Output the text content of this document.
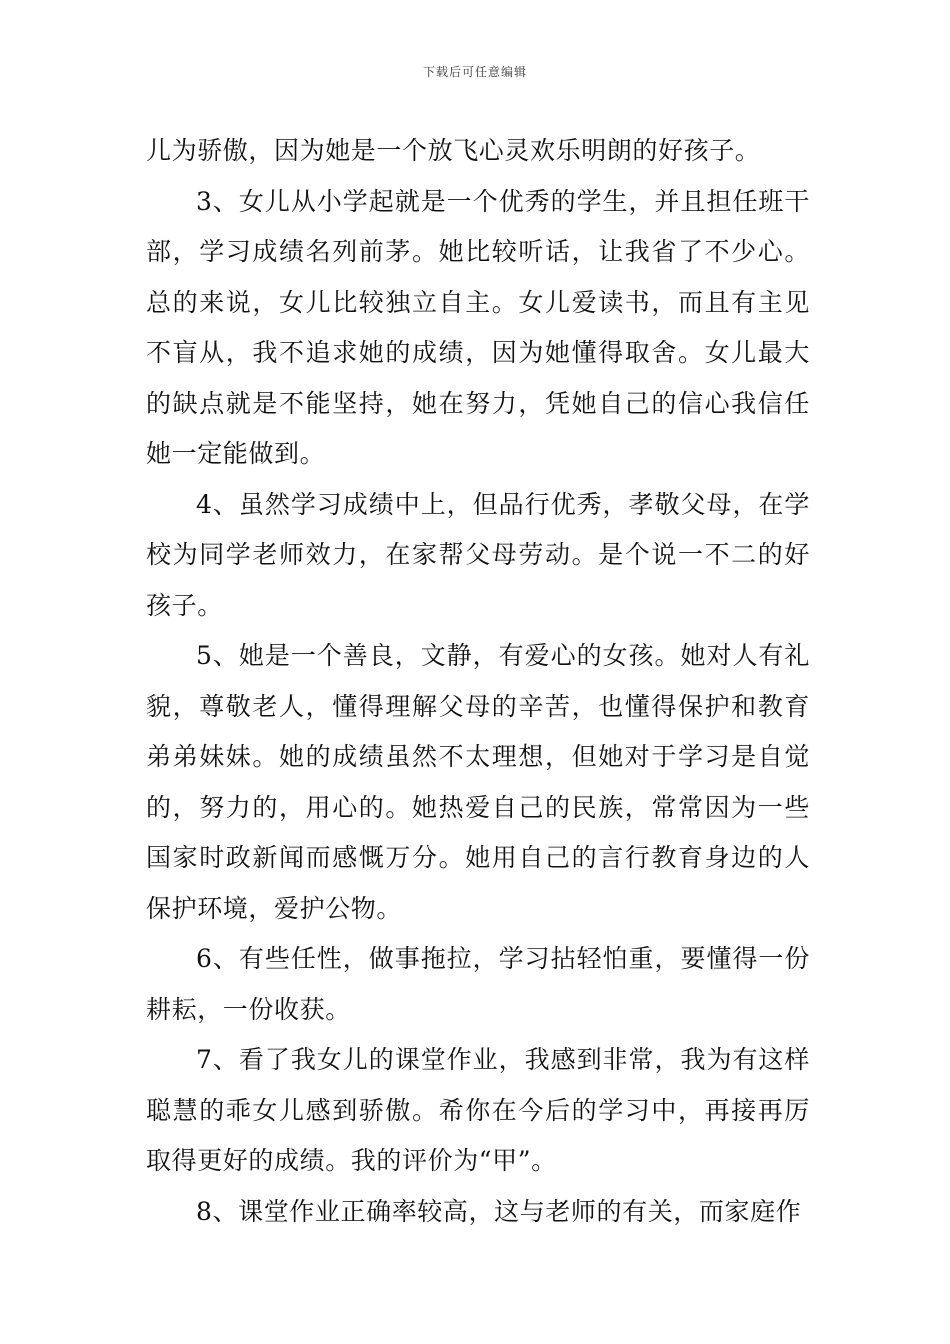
下载后可任意编辑

儿为骄傲，因为她是一个放飞心灵欢乐明朗的好孩子。

3、女儿从小学起就是一个优秀的学生，并且担任班干部，学习成绩名列前茅。她比较听话，让我省了不少心。总的来说，女儿比较独立自主。女儿爱读书，而且有主见不盲从，我不追求她的成绩，因为她懂得取舍。女儿最大的缺点就是不能坚持，她在努力，凭她自己的信心我信任她一定能做到。

4、虽然学习成绩中上，但品行优秀，孝敬父母，在学校为同学老师效力，在家帮父母劳动。是个说一不二的好孩子。

5、她是一个善良，文静，有爱心的女孩。她对人有礼貌，尊敬老人，懂得理解父母的辛苦，也懂得保护和教育弟弟妹妹。她的成绩虽然不太理想，但她对于学习是自觉的，努力的，用心的。她热爱自己的民族，常常因为一些国家时政新闻而感慨万分。她用自己的言行教育身边的人保护环境，爱护公物。

6、有些任性，做事拖拉，学习拈轻怕重，要懂得一份耕耘，一份收获。

7、看了我女儿的课堂作业，我感到非常，我为有这样聪慧的乖女儿感到骄傲。希你在今后的学习中，再接再厉取得更好的成绩。我的评价为“甲”。

8、课堂作业正确率较高，这与老师的有关，而家庭作
